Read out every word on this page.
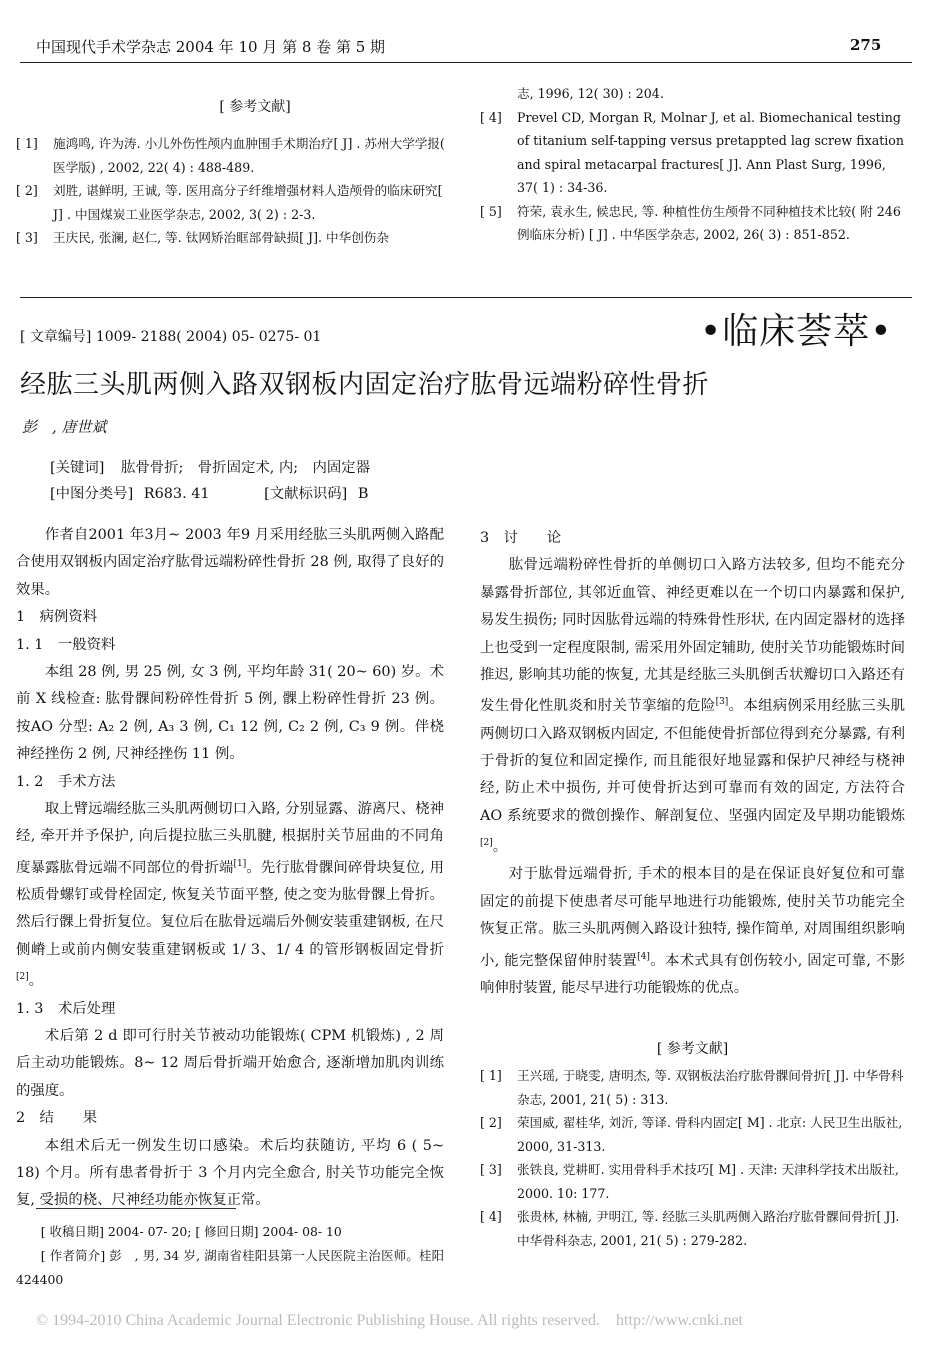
中国现代手术学杂志 2004 年 10 月 第 8 卷 第 5 期	275
[ 参考文献]
[ 1] 施鸿鸣, 许为涛. 小儿外伤性颅内血肿围手术期治疗[ J] . 苏州大学学报( 医学版) , 2002, 22( 4) : 488-489.
[ 2] 刘胜, 谌鲜明, 王诚, 等. 医用高分子纤维增强材料人造颅骨的临床研究[ J] . 中国煤炭工业医学杂志, 2002, 3( 2) : 2-3.
[ 3] 王庆民, 张澜, 赵仁, 等. 钛网矫治眶部骨缺损[ J]. 中华创伤杂
志, 1996, 12( 30) : 204.
[ 4] Prevel CD, Morgan R, Molnar J, et al. Biomechanical testing of titanium self-tapping versus pretappted lag screw fixation and spiral metacarpal fractures[ J]. Ann Plast Surg, 1996, 37( 1) : 34-36.
[ 5] 符荣, 袁永生, 候忠民, 等. 种植性仿生颅骨不同种植技术比较( 附 246 例临床分析) [ J] . 中华医学杂志, 2002, 26( 3) : 851-852.
[ 文章编号] 1009- 2188( 2004) 05- 0275- 01	•临床荟萃•
经肱三头肌两侧入路双钢板内固定治疗肱骨远端粉碎性骨折
彭　, 唐世斌
[关键词] 肱骨骨折;　骨折固定术, 内;　内固定器
[中图分类号] R683. 41	[文献标识码] B

作者自2001 年3月~ 2003 年9 月采用经肱三头肌两侧入路配合使用双钢板内固定治疗肱骨远端粉碎性骨折 28 例, 取得了良好的效果。

1　病例资料
1. 1　一般资料

本组 28 例, 男 25 例, 女 3 例, 平均年龄 31( 20~ 60) 岁。术前 X 线检查: 肱骨髁间粉碎性骨折 5 例, 髁上粉碎性骨折 23 例。按AO 分型: A₂ 2 例, A₃ 3 例, C₁ 12 例, C₂ 2 例, C₃ 9 例。伴桡神经挫伤 2 例, 尺神经挫伤 11 例。

1. 2　手术方法

取上臂远端经肱三头肌两侧切口入路, 分别显露、游离尺、桡神经, 牵开并予保护, 向后提拉肱三头肌腱, 根据肘关节屈曲的不同角度暴露肱骨远端不同部位的骨折端[1]。先行肱骨髁间碎骨块复位, 用松质骨螺钉或骨栓固定, 恢复关节面平整, 使之变为肱骨髁上骨折。然后行髁上骨折复位。复位后在肱骨远端后外侧安装重建钢板, 在尺侧嵴上或前内侧安装重建钢板或 1/ 3、1/ 4 的管形钢板固定骨折[2]。

1. 3　术后处理

术后第 2 d 即可行肘关节被动功能锻炼( CPM 机锻炼) , 2 周后主动功能锻炼。8~ 12 周后骨折端开始愈合, 逐渐增加肌肉训练的强度。

2　结　　果

本组术后无一例发生切口感染。术后均获随访, 平均 6 ( 5~ 18) 个月。所有患者骨折于 3 个月内完全愈合, 肘关节功能完全恢复, 受损的桡、尺神经功能亦恢复正常。

[ 收稿日期] 2004- 07- 20; [ 修回日期] 2004- 08- 10
[ 作者简介] 彭　, 男, 34 岁, 湖南省桂阳县第一人民医院主治医师。桂阳　424400
3　讨　　论

肱骨远端粉碎性骨折的单侧切口入路方法较多, 但均不能充分暴露骨折部位, 其邻近血管、神经更难以在一个切口内暴露和保护, 易发生损伤; 同时因肱骨远端的特殊骨性形状, 在内固定器材的选择上也受到一定程度限制, 需采用外固定辅助, 使肘关节功能锻炼时间推迟, 影响其功能的恢复, 尤其是经肱三头肌倒舌状瓣切口入路还有发生骨化性肌炎和肘关节挛缩的危险[3]。本组病例采用经肱三头肌两侧切口入路双钢板内固定, 不但能使骨折部位得到充分暴露, 有利于骨折的复位和固定操作, 而且能很好地显露和保护尺神经与桡神经, 防止术中损伤, 并可使骨折达到可靠而有效的固定, 方法符合 AO 系统要求的微创操作、解剖复位、坚强内固定及早期功能锻炼[2]。

对于肱骨远端骨折, 手术的根本目的是在保证良好复位和可靠固定的前提下使患者尽可能早地进行功能锻炼, 使肘关节功能完全恢复正常。肱三头肌两侧入路设计独特, 操作简单, 对周围组织影响小, 能完整保留伸肘装置[4]。本术式具有创伤较小, 固定可靠, 不影响伸肘装置, 能尽早进行功能锻炼的优点。

[ 参考文献]
[ 1] 王兴瑶, 于晓雯, 唐明杰, 等. 双钢板法治疗肱骨髁间骨折[ J]. 中华骨科杂志, 2001, 21( 5) : 313.
[ 2] 荣国威, 翟桂华, 刘沂, 等译. 骨科内固定[ M] . 北京: 人民卫生出版社, 2000, 31-313.
[ 3] 张铁良, 党耕町. 实用骨科手术技巧[ M] . 天津: 天津科学技术出版社, 2000. 10: 177.
[ 4] 张贵林, 林楠, 尹明江, 等. 经肱三头肌两侧入路治疗肱骨髁间骨折[ J]. 中华骨科杂志, 2001, 21( 5) : 279-282.
© 1994-2010 China Academic Journal Electronic Publishing House. All rights reserved.    http://www.cnki.net
